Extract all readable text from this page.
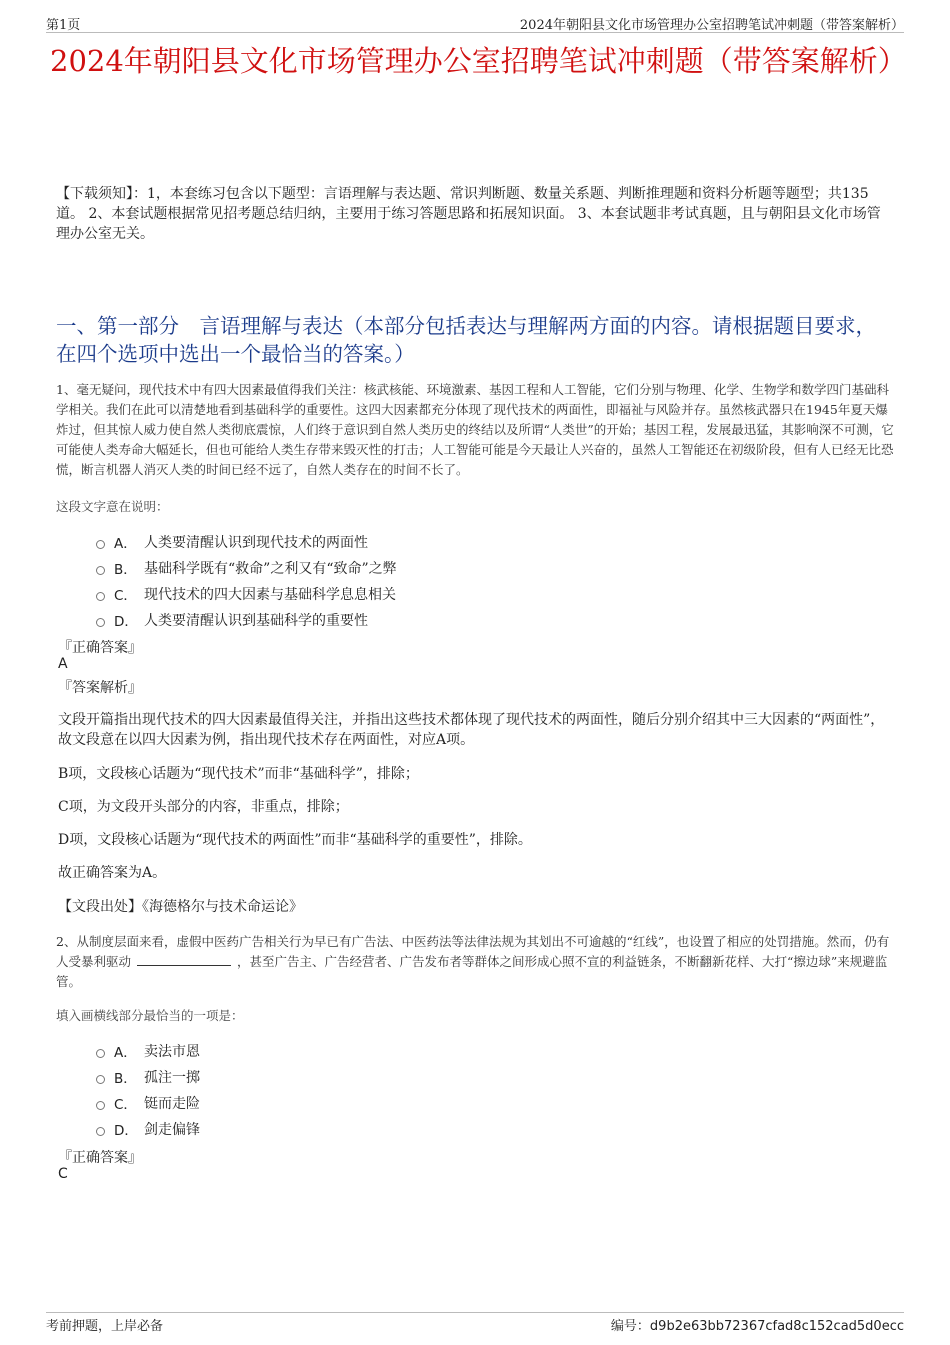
第1页	2024年朝阳县文化市场管理办公室招聘笔试冲刺题（带答案解析）
2024年朝阳县文化市场管理办公室招聘笔试冲刺题（带答案解析）
【下载须知】：1，本套练习包含以下题型：言语理解与表达题、常识判断题、数量关系题、判断推理题和资料分析题等题型；共135道。 2、本套试题根据常见招考题总结归纳，主要用于练习答题思路和拓展知识面。 3、本套试题非考试真题，且与朝阳县文化市场管理办公室无关。
一、第一部分　言语理解与表达（本部分包括表达与理解两方面的内容。请根据题目要求，在四个选项中选出一个最恰当的答案。）
1、毫无疑问，现代技术中有四大因素最值得我们关注：核武核能、环境激素、基因工程和人工智能，它们分别与物理、化学、生物学和数学四门基础科学相关。我们在此可以清楚地看到基础科学的重要性。这四大因素都充分体现了现代技术的两面性，即福祉与风险并存。虽然核武器只在1945年夏天爆炸过，但其惊人威力使自然人类彻底震惊，人们终于意识到自然人类历史的终结以及所谓“人类世”的开始；基因工程，发展最迅猛，其影响深不可测，它可能使人类寿命大幅延长，但也可能给人类生存带来毁灭性的打击；人工智能可能是今天最让人兴奋的，虽然人工智能还在初级阶段，但有人已经无比恐慌，断言机器人消灭人类的时间已经不远了，自然人类存在的时间不长了。
这段文字意在说明：
A． 人类要清醒认识到现代技术的两面性
B． 基础科学既有“救命”之利又有“致命”之弊
C． 现代技术的四大因素与基础科学息息相关
D． 人类要清醒认识到基础科学的重要性
『正确答案』
A
『答案解析』
文段开篇指出现代技术的四大因素最值得关注，并指出这些技术都体现了现代技术的两面性，随后分别介绍其中三大因素的“两面性”，故文段意在以四大因素为例，指出现代技术存在两面性，对应A项。
B项，文段核心话题为“现代技术”而非“基础科学”，排除；
C项，为文段开头部分的内容，非重点，排除；
D项，文段核心话题为“现代技术的两面性”而非“基础科学的重要性”，排除。
故正确答案为A。
【文段出处】《海德格尔与技术命运论》
2、从制度层面来看，虚假中医药广告相关行为早已有广告法、中医药法等法律法规为其划出不可逾越的“红线”，也设置了相应的处罚措施。然而，仍有人受暴利驱动	，甚至广告主、广告经营者、广告发布者等群体之间形成心照不宣的利益链条，不断翻新花样、大打“擦边球”来规避监管。
填入画横线部分最恰当的一项是：
A． 卖法市恩
B． 孤注一掷
C． 铤而走险
D． 剑走偏锋
『正确答案』
C
考前押题，上岸必备	编号：d9b2e63bb72367cfad8c152cad5d0ecc
